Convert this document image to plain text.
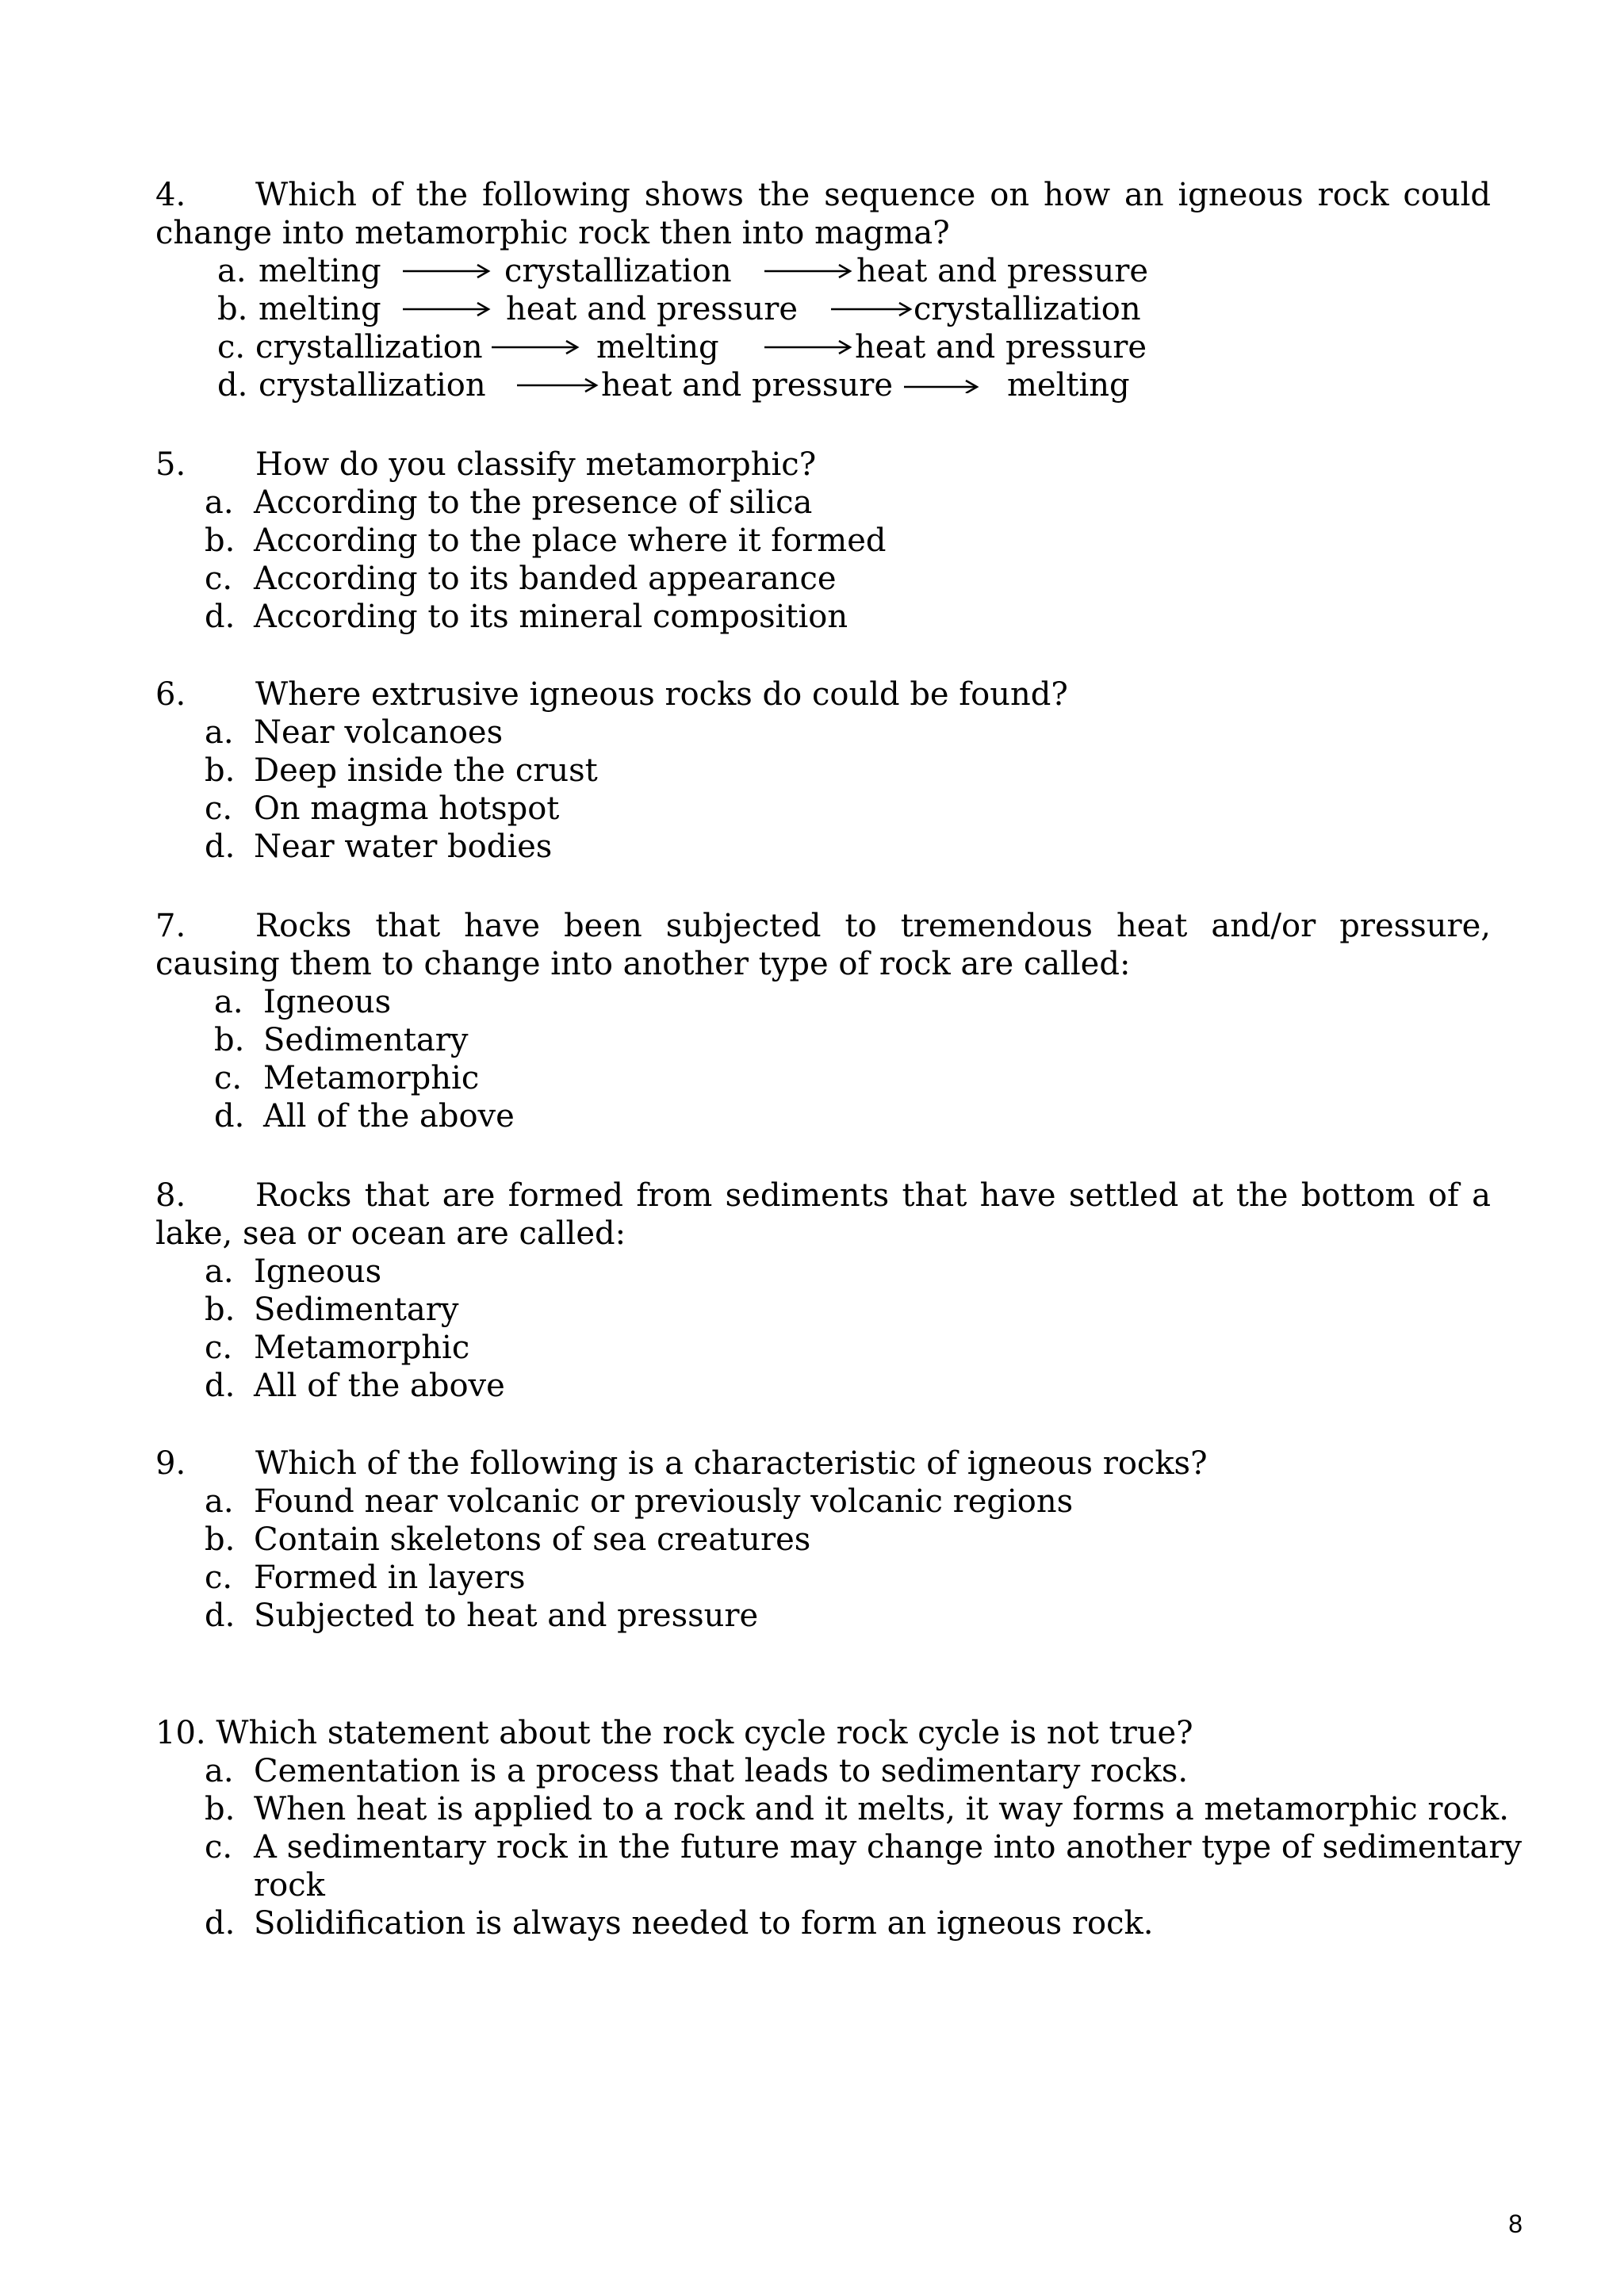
4. Which of the following shows the sequence on how an igneous rock could change into metamorphic rock then into magma?

a. melting	crystallization	heat and pressure
b. melting	heat and pressure	crystallization
c. crystallization	melting	heat and pressure
d. crystallization	heat and pressure	melting

5. How do you classify metamorphic?

a. According to the presence of silica
b. According to the place where it formed
c. According to its banded appearance
d. According to its mineral composition

6. Where extrusive igneous rocks do could be found?

a. Near volcanoes
b. Deep inside the crust
c. On magma hotspot
d. Near water bodies

7. Rocks that have been subjected to tremendous heat and/or pressure, causing them to change into another type of rock are called:

a. Igneous
b. Sedimentary
c. Metamorphic
d. All of the above

8. Rocks that are formed from sediments that have settled at the bottom of a lake, sea or ocean are called:

a. Igneous
b. Sedimentary
c. Metamorphic
d. All of the above

9. Which of the following is a characteristic of igneous rocks?

a. Found near volcanic or previously volcanic regions
b. Contain skeletons of sea creatures
c. Formed in layers
d. Subjected to heat and pressure

10. Which statement about the rock cycle rock cycle is not true?

a. Cementation is a process that leads to sedimentary rocks.
b. When heat is applied to a rock and it melts, it way forms a metamorphic rock.
c. A sedimentary rock in the future may change into another type of sedimentary
rock
d. Solidification is always needed to form an igneous rock.
8
